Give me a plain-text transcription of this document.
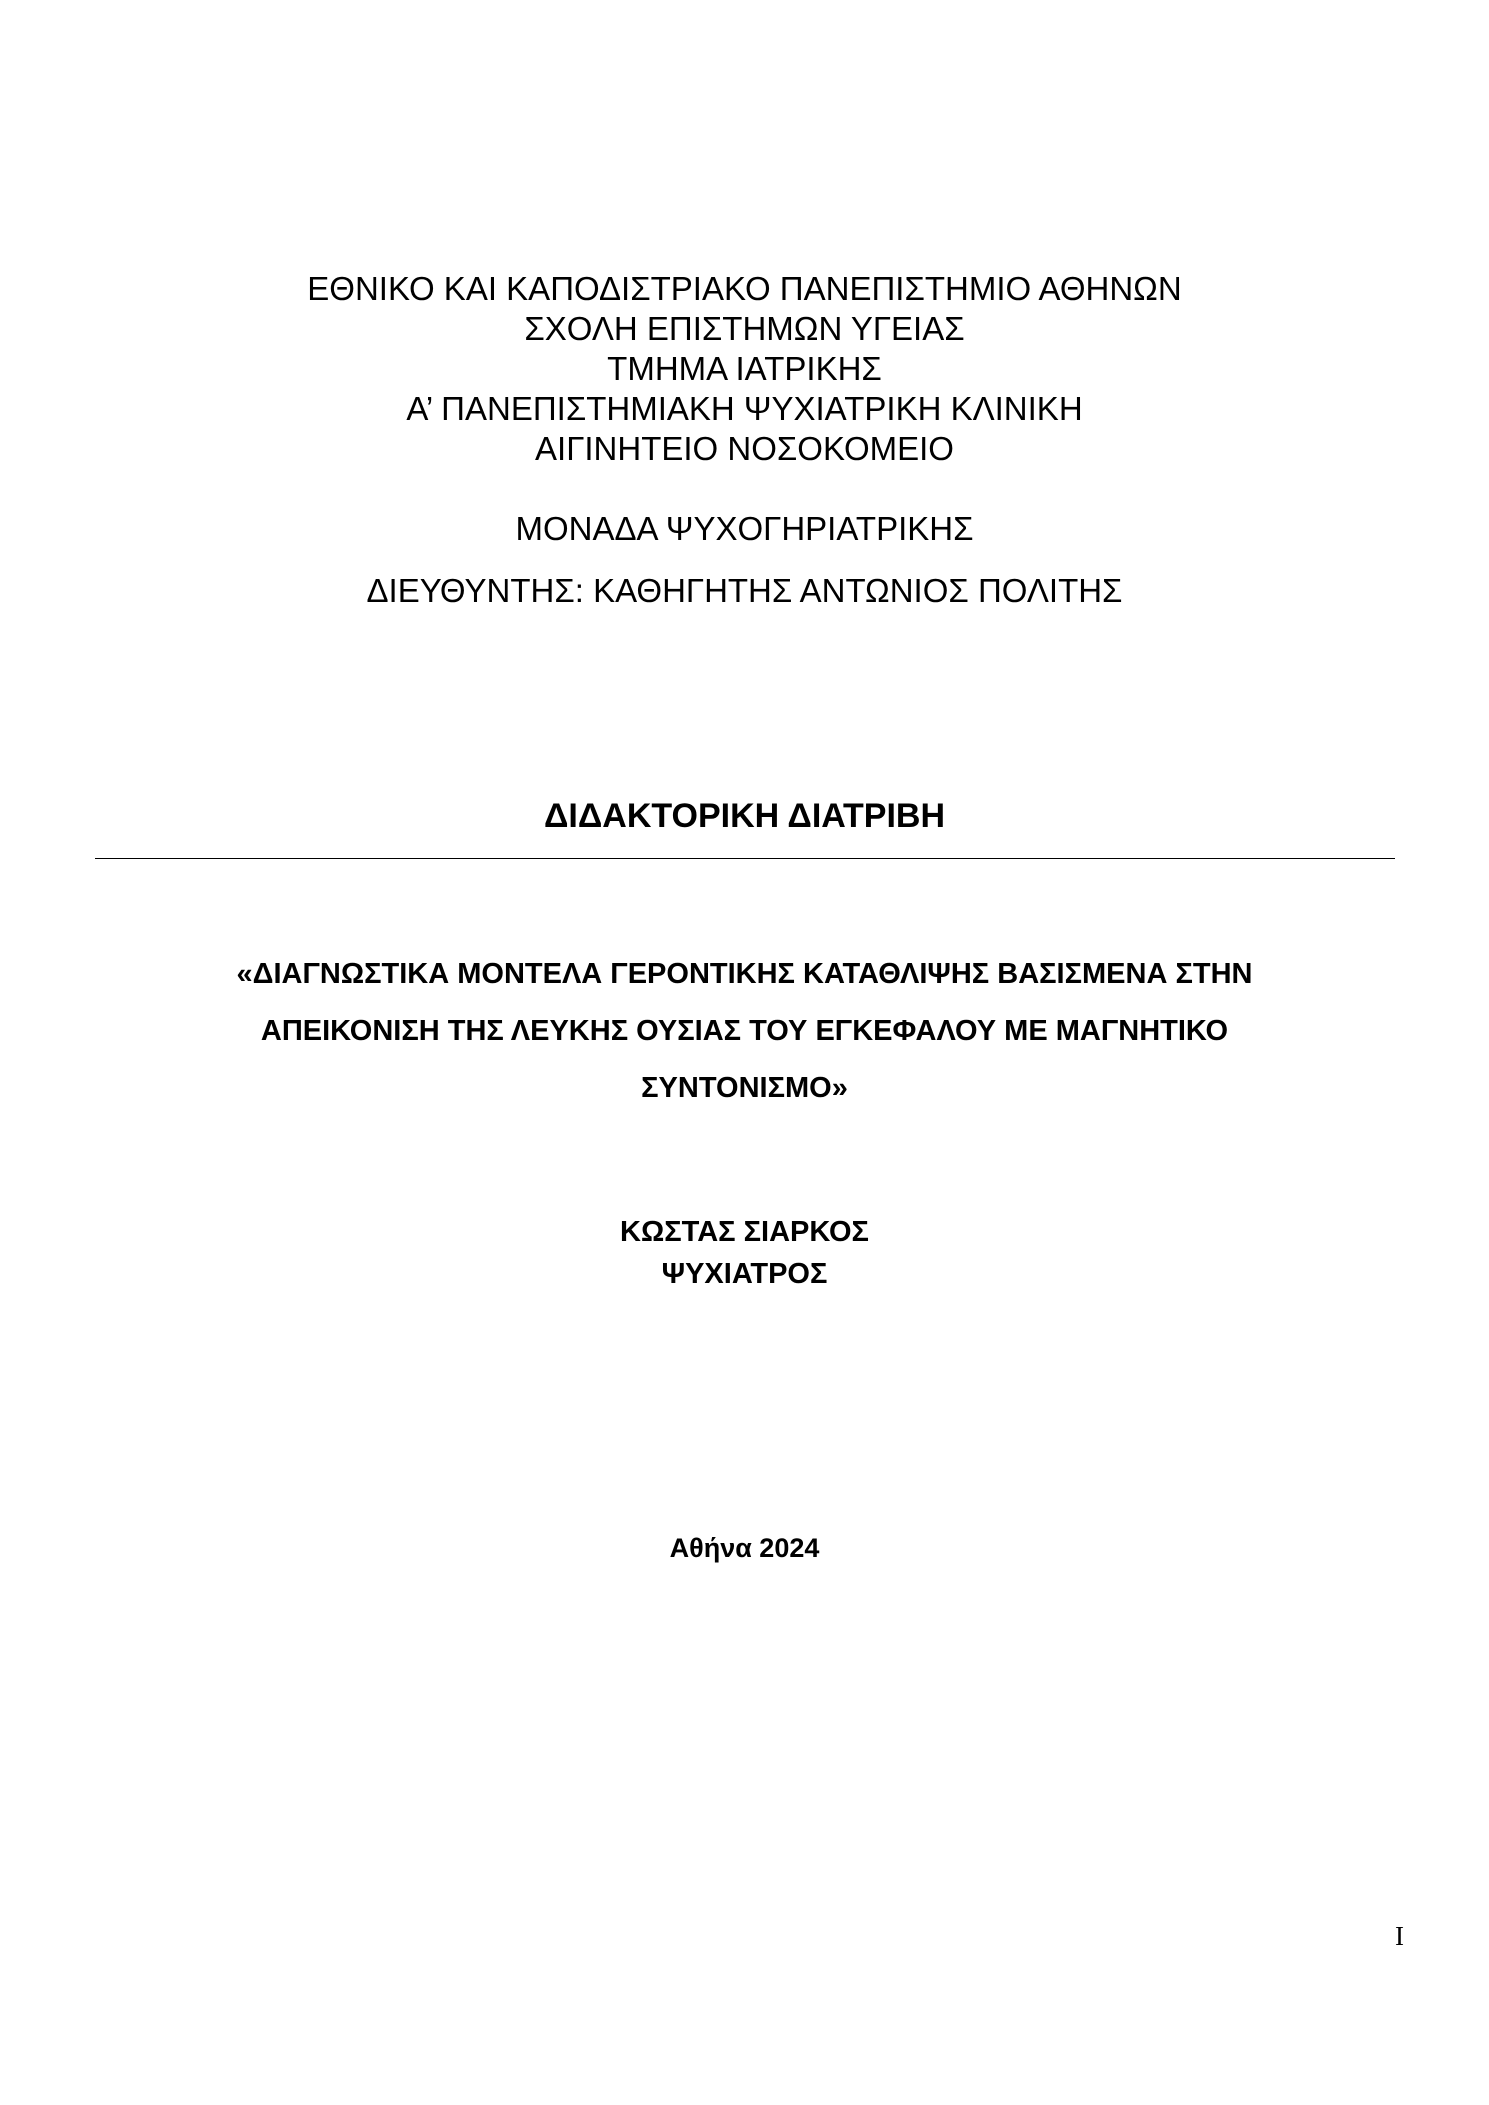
ΕΘΝΙΚΟ ΚΑΙ ΚΑΠΟΔΙΣΤΡΙΑΚΟ ΠΑΝΕΠΙΣΤΗΜΙΟ ΑΘΗΝΩΝ
ΣΧΟΛΗ ΕΠΙΣΤΗΜΩΝ ΥΓΕΙΑΣ
ΤΜΗΜΑ ΙΑΤΡΙΚΗΣ
Α’ ΠΑΝΕΠΙΣΤΗΜΙΑΚΗ ΨΥΧΙΑΤΡΙΚΗ ΚΛΙΝΙΚΗ
ΑΙΓΙΝΗΤΕΙΟ ΝΟΣΟΚΟΜΕΙΟ
ΜΟΝΑΔΑ ΨΥΧΟΓΗΡΙΑΤΡΙΚΗΣ
ΔΙΕΥΘΥΝΤΗΣ: ΚΑΘΗΓΗΤΗΣ ΑΝΤΩΝΙΟΣ ΠΟΛΙΤΗΣ
ΔΙΔΑΚΤΟΡΙΚΗ ΔΙΑΤΡΙΒΗ
«ΔΙΑΓΝΩΣΤΙΚΑ ΜΟΝΤΕΛΑ ΓΕΡΟΝΤΙΚΗΣ ΚΑΤΑΘΛΙΨΗΣ ΒΑΣΙΣΜΕΝΑ ΣΤΗΝ
ΑΠΕΙΚΟΝΙΣΗ ΤΗΣ ΛΕΥΚΗΣ ΟΥΣΙΑΣ ΤΟΥ ΕΓΚΕΦΑΛΟΥ ΜΕ ΜΑΓΝΗΤΙΚΟ
ΣΥΝΤΟΝΙΣΜΟ»
ΚΩΣΤΑΣ ΣΙΑΡΚΟΣ
ΨΥΧΙΑΤΡΟΣ
Αθήνα 2024
I
